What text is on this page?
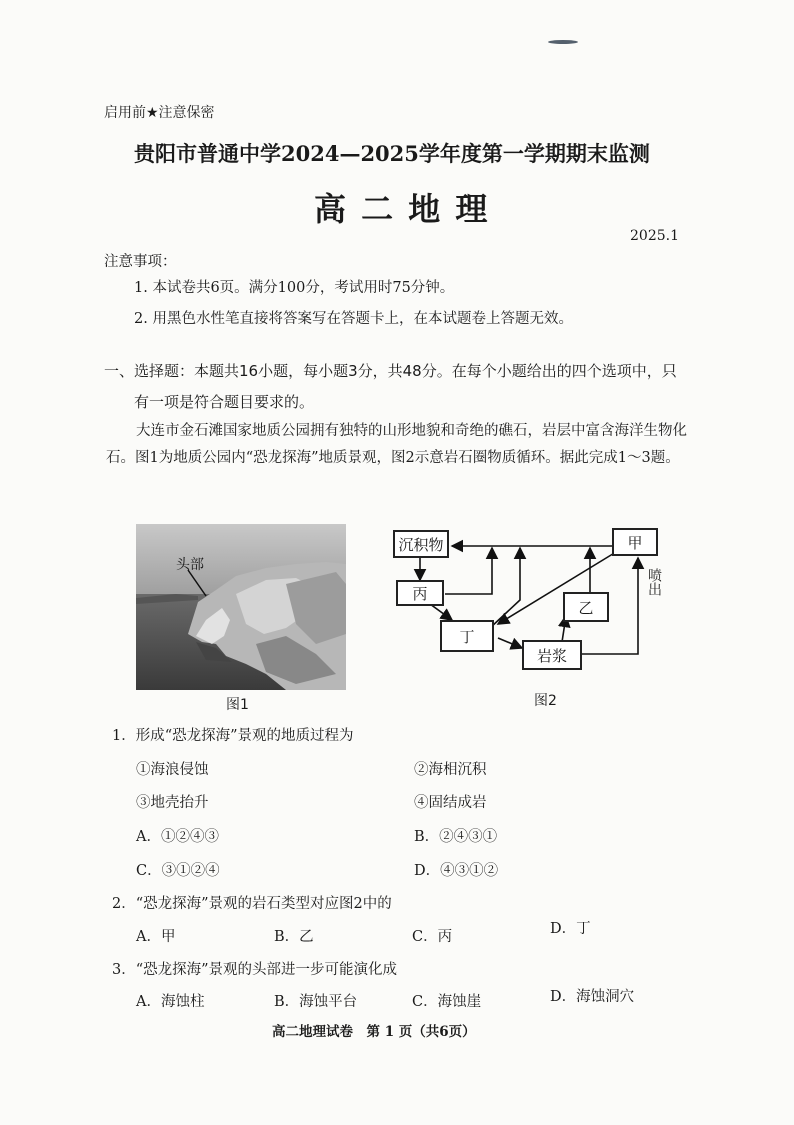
启用前★注意保密
贵阳市普通中学2024—2025学年度第一学期期末监测
高 二 地 理
2025.1
注意事项：
1. 本试卷共6页。满分100分，考试用时75分钟。
2. 用黑色水性笔直接将答案写在答题卡上，在本试题卷上答题无效。
一、选择题：本题共16小题，每小题3分，共48分。在每个小题给出的四个选项中，只
有一项是符合题目要求的。
大连市金石滩国家地质公园拥有独特的山形地貌和奇绝的礁石，岩层中富含海洋生物化石。图1为地质公园内“恐龙探海”地质景观，图2示意岩石圈物质循环。据此完成1～3题。
头部
图1
沉积物	甲
丙
乙
丁
岩浆
喷出
图2
1．形成“恐龙探海”景观的地质过程为
①海浪侵蚀	②海相沉积
③地壳抬升	④固结成岩
A．①②④③	B．②④③①
C．③①②④	D．④③①②
2．“恐龙探海”景观的岩石类型对应图2中的
A．甲	B．乙	C．丙	D．丁
3．“恐龙探海”景观的头部进一步可能演化成
A．海蚀柱	B．海蚀平台	C．海蚀崖	D．海蚀洞穴
高二地理试卷　第 1 页（共6页）
